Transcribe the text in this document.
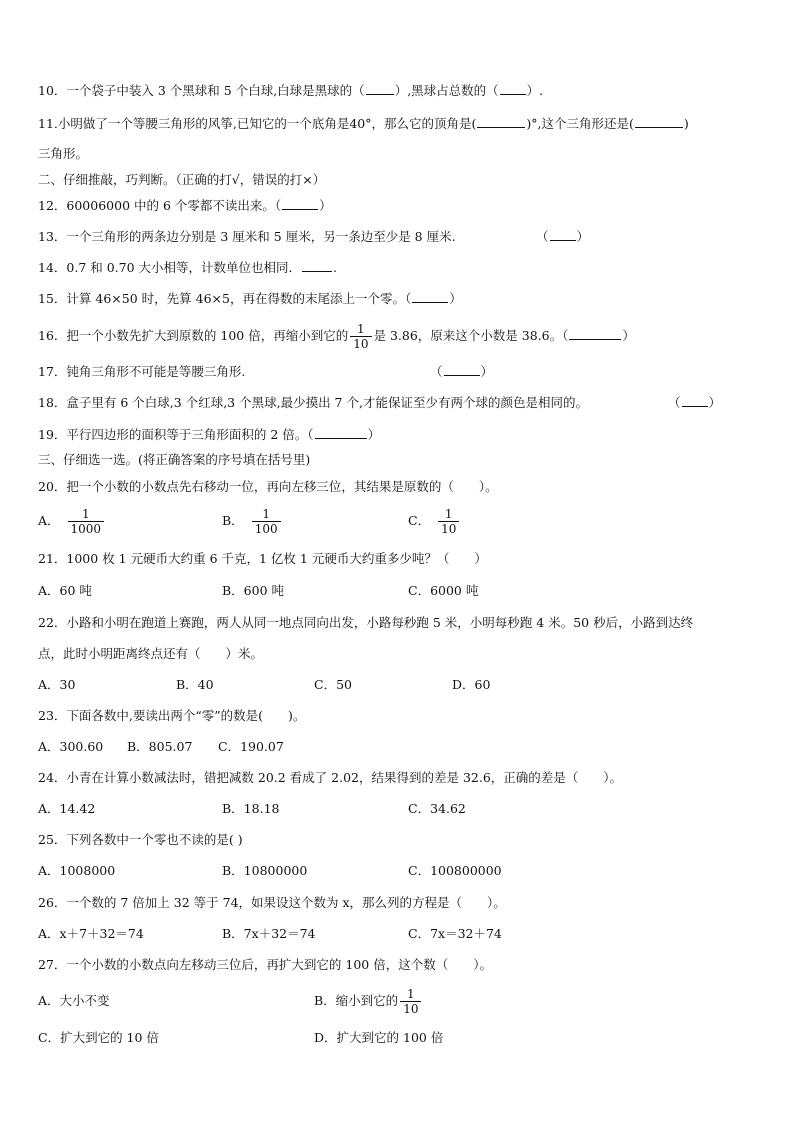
10．一个袋子中装入 3 个黑球和 5 个白球,白球是黑球的（ ）,黑球占总数的（ ）.
11.小明做了一个等腰三角形的风筝,已知它的一个底角是40°，那么它的顶角是(	)°,这个三角形还是(	)
三角形。
二、仔细推敲，巧判断。（正确的打√，错误的打×）
12．60006000 中的 6 个零都不读出来。（	）
13．一个三角形的两条边分别是 3 厘米和 5 厘米，另一条边至少是 8 厘米.	（ ）
14．0.7 和 0.70 大小相等，计数单位也相同．	.
15．计算 46×50 时，先算 46×5，再在得数的末尾添上一个零。（	）
16．把一个小数先扩大到原数的 100 倍，再缩小到它的 $\frac{1}{10}$ 是 3.86，原来这个小数是 38.6。（	）
17．钝角三角形不可能是等腰三角形.	（	）
18．盒子里有 6 个白球,3 个红球,3 个黑球,最少摸出 7 个,才能保证至少有两个球的颜色是相同的。	（ ）
19．平行四边形的面积等于三角形面积的 2 倍。（	）
三、仔细选一选。(将正确答案的序号填在括号里)
20．把一个小数的小数点先右移动一位，再向左移三位，其结果是原数的（　　）。
A． $\frac{1}{1000}$	B． $\frac{1}{100}$	C． $\frac{1}{10}$
21．1000 枚 1 元硬币大约重 6 千克，1 亿枚 1 元硬币大约重多少吨？（　　）
A．60 吨	B．600 吨	C．6000 吨
22．小路和小明在跑道上赛跑，两人从同一地点同向出发，小路每秒跑 5 米，小明每秒跑 4 米。50 秒后，小路到达终
点，此时小明距离终点还有（　　）米。
A．30	B．40	C．50	D．60
23．下面各数中,要读出两个“零”的数是(　　)。
A．300.60 B．805.07 C．190.07
24．小青在计算小数减法时，错把减数 20.2 看成了 2.02，结果得到的差是 32.6，正确的差是（　　）。
A．14.42	B．18.18	C．34.62
25．下列各数中一个零也不读的是( )
A．1008000	B．10800000	C．100800000
26．一个数的 7 倍加上 32 等于 74，如果设这个数为 x，那么列的方程是（　　）。
A．x＋7＋32＝74	B．7x＋32＝74	C．7x＝32＋74
27．一个小数的小数点向左移动三位后，再扩大到它的 100 倍，这个数（　　）。
A．大小不变	B．缩小到它的 $\frac{1}{10}$
C．扩大到它的 10 倍	D．扩大到它的 100 倍
